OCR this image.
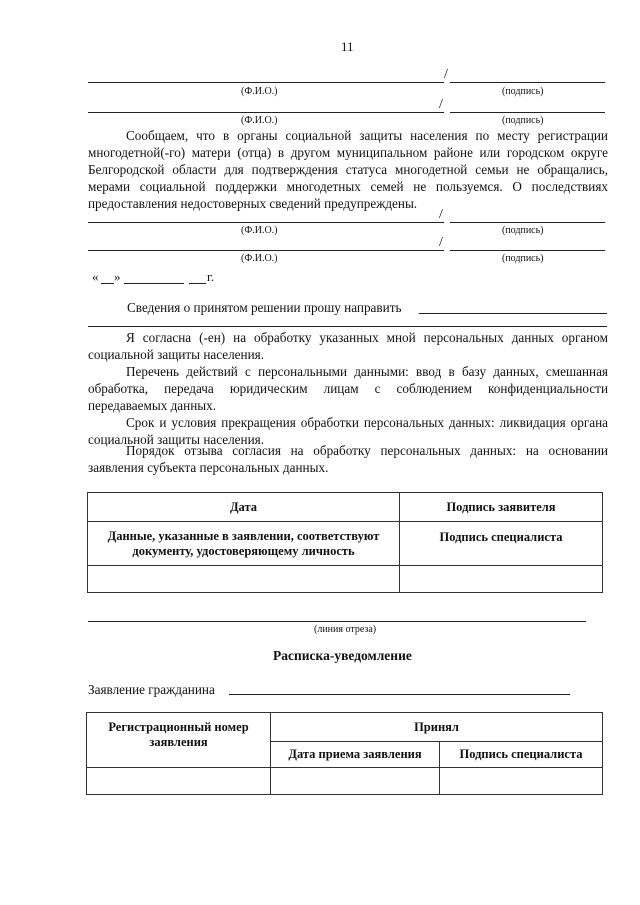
11
/
(Ф.И.О.)	(подпись)
/
(Ф.И.О.)	(подпись)
Сообщаем, что в органы социальной защиты населения по месту регистрации многодетной(-го) матери (отца) в другом муниципальном районе или городском округе Белгородской области для подтверждения статуса многодетной семьи не обращались, мерами социальной поддержки многодетных семей не пользуемся. О последствиях предоставления недостоверных сведений предупреждены.
/
(Ф.И.О.)	(подпись)
/
(Ф.И.О.)	(подпись)
« »	г.
Сведения о принятом решении прошу направить
Я согласна (-ен) на обработку указанных мной персональных данных органом социальной защиты населения.
Перечень действий с персональными данными: ввод в базу данных, смешанная обработка, передача юридическим лицам с соблюдением конфиденциальности передаваемых данных.
Срок и условия прекращения обработки персональных данных: ликвидация органа социальной защиты населения.
Порядок отзыва согласия на обработку персональных данных: на основании заявления субъекта персональных данных.
Дата	Подпись заявителя
Данные, указанные в заявлении, соответствуют документу, удостоверяющему личность	Подпись специалиста

(линия отреза)
Расписка-уведомление
Заявление гражданина
Регистрационный номер заявления	Принял	
	Дата приема заявления	Подпись специалиста
